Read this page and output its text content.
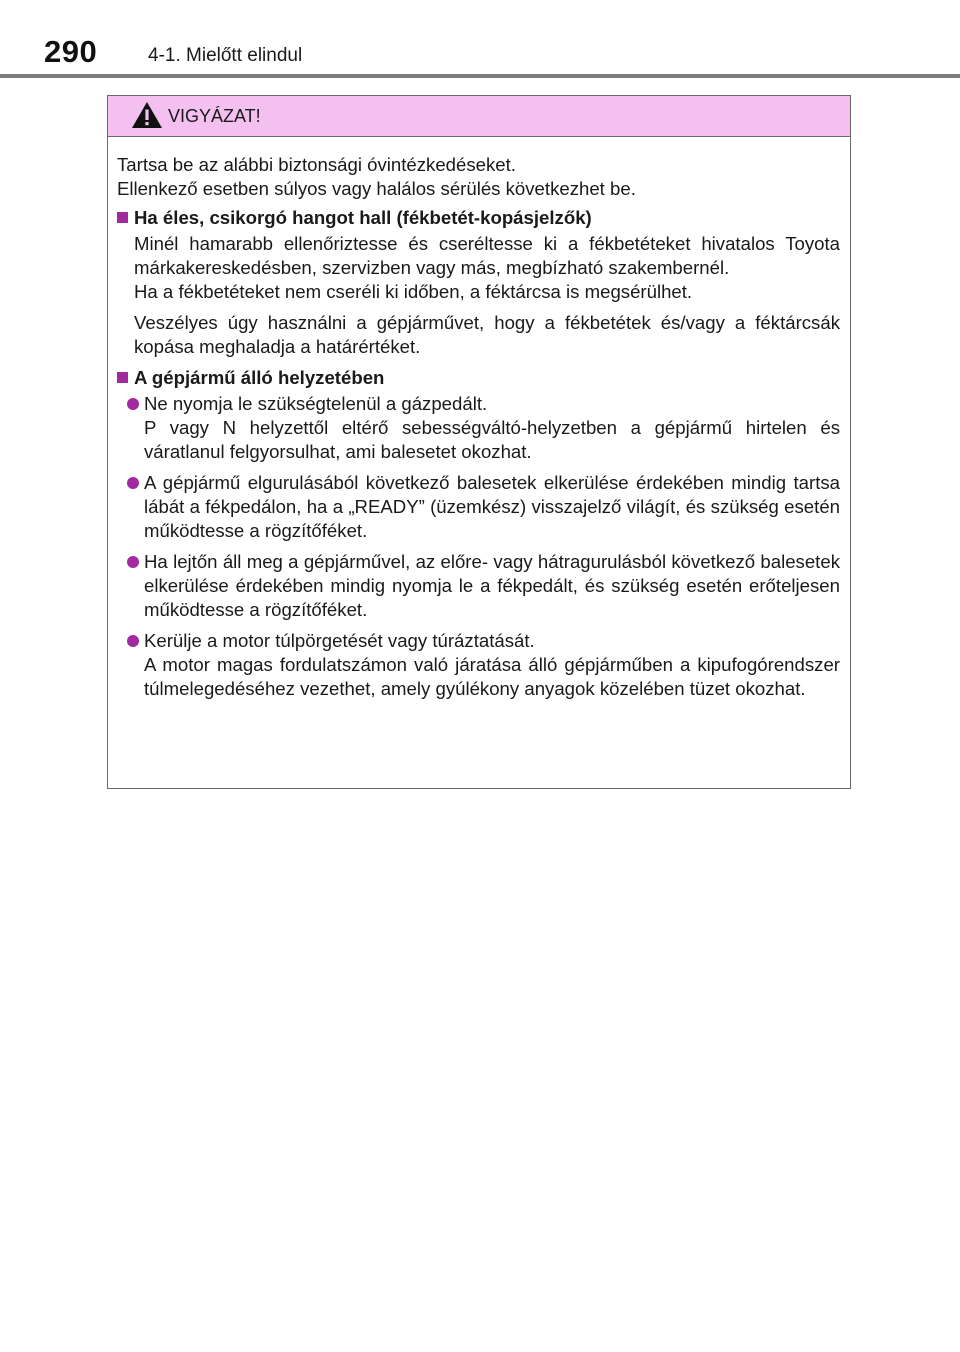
290	4-1. Mielőtt elindul
VIGYÁZAT!

Tartsa be az alábbi biztonsági óvintézkedéseket.

Ellenkező esetben súlyos vagy halálos sérülés következhet be.

Ha éles, csikorgó hangot hall (fékbetét-kopásjelzők)

Minél hamarabb ellenőriztesse és cseréltesse ki a fékbetéteket hivatalos Toyota márkakereskedésben, szervizben vagy más, megbízható szakembernél.

Ha a fékbetéteket nem cseréli ki időben, a féktárcsa is megsérülhet.

Veszélyes úgy használni a gépjárművet, hogy a fékbetétek és/vagy a féktárcsák kopása meghaladja a határértéket.

A gépjármű álló helyzetében

Ne nyomja le szükségtelenül a gázpedált.

P vagy N helyzettől eltérő sebességváltó-helyzetben a gépjármű hirtelen és váratlanul felgyorsulhat, ami balesetet okozhat.

A gépjármű elgurulásából következő balesetek elkerülése érdekében mindig tartsa lábát a fékpedálon, ha a „READY” (üzemkész) visszajelző világít, és szükség esetén működtesse a rögzítőféket.

Ha lejtőn áll meg a gépjárművel, az előre- vagy hátragurulásból következő balesetek elkerülése érdekében mindig nyomja le a fékpedált, és szükség esetén erőteljesen működtesse a rögzítőféket.

Kerülje a motor túlpörgetését vagy túráztatását.

A motor magas fordulatszámon való járatása álló gépjárműben a kipufogórendszer túlmelegedéséhez vezethet, amely gyúlékony anyagok közelében tüzet okozhat.
